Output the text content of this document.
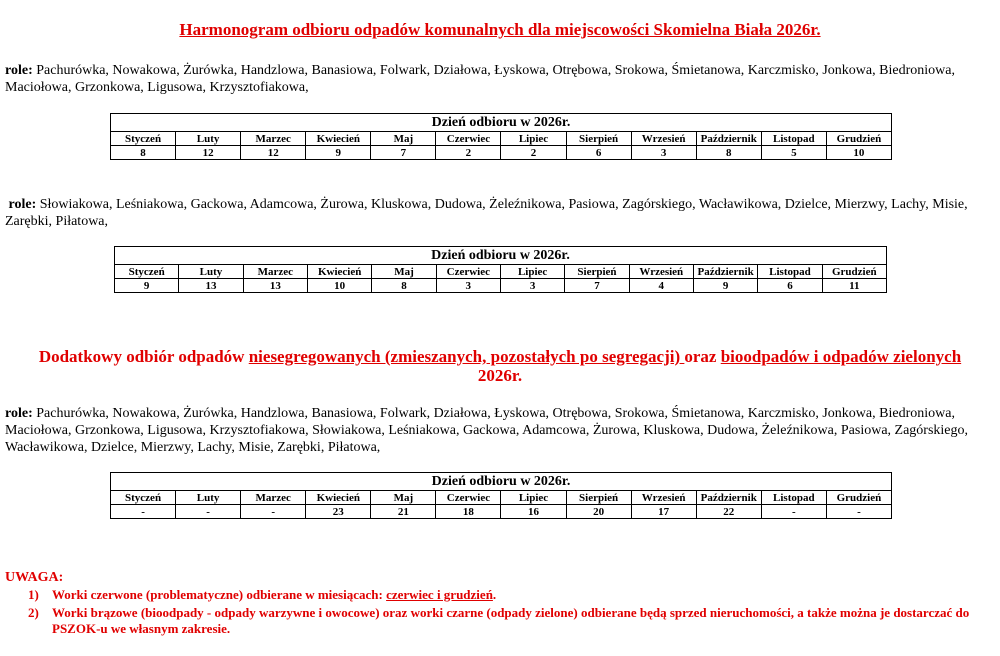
Harmonogram odbioru odpadów komunalnych dla miejscowości Skomielna Biała 2026r.
role: Pachurówka, Nowakowa, Żurówka, Handzlowa, Banasiowa, Folwark, Działowa, Łyskowa, Otrębowa, Srokowa, Śmietanowa, Karczmisko, Jonkowa, Biedroniowa, Maciołowa, Grzonkowa, Ligusowa, Krzysztofiakowa,
Dzień odbioru w 2026r.											
Styczeń	Luty	Marzec	Kwiecień	Maj	Czerwiec	Lipiec	Sierpień	Wrzesień	Październik	Listopad	Grudzień
8	12	12	9	7	2	2	6	3	8	5	10
role: Słowiakowa, Leśniakowa, Gackowa, Adamcowa, Żurowa, Kluskowa, Dudowa, Żeleźnikowa, Pasiowa, Zagórskiego, Wacławikowa, Dzielce, Mierzwy, Lachy, Misie, Zarębki, Piłatowa,
Dzień odbioru w 2026r.											
Styczeń	Luty	Marzec	Kwiecień	Maj	Czerwiec	Lipiec	Sierpień	Wrzesień	Październik	Listopad	Grudzień
9	13	13	10	8	3	3	7	4	9	6	11
Dodatkowy odbiór odpadów niesegregowanych (zmieszanych, pozostałych po segregacji) oraz bioodpadów i odpadów zielonych
2026r.
role: Pachurówka, Nowakowa, Żurówka, Handzlowa, Banasiowa, Folwark, Działowa, Łyskowa, Otrębowa, Srokowa, Śmietanowa, Karczmisko, Jonkowa, Biedroniowa, Maciołowa, Grzonkowa, Ligusowa, Krzysztofiakowa, Słowiakowa, Leśniakowa, Gackowa, Adamcowa, Żurowa, Kluskowa, Dudowa, Żeleźnikowa, Pasiowa, Zagórskiego, Wacławikowa, Dzielce, Mierzwy, Lachy, Misie, Zarębki, Piłatowa,
Dzień odbioru w 2026r.											
Styczeń	Luty	Marzec	Kwiecień	Maj	Czerwiec	Lipiec	Sierpień	Wrzesień	Październik	Listopad	Grudzień
-	-	-	23	21	18	16	20	17	22	-	-
UWAGA:
1) Worki czerwone (problematyczne) odbierane w miesiącach: czerwiec i grudzień.
2)	Worki brązowe (bioodpady - odpady warzywne i owocowe) oraz worki czarne (odpady zielone) odbierane będą sprzed nieruchomości, a także można je dostarczać do PSZOK-u we własnym zakresie.
